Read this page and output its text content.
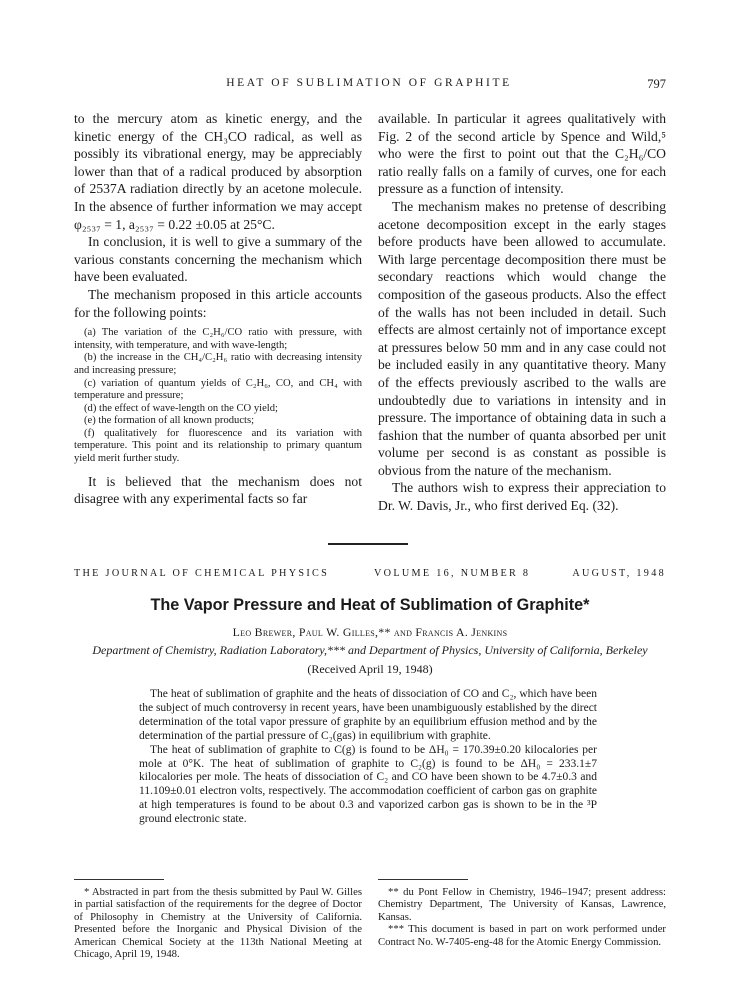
HEAT OF SUBLIMATION OF GRAPHITE	797

to the mercury atom as kinetic energy, and the kinetic energy of the CH₃CO radical, as well as possibly its vibrational energy, may be appreciably lower than that of a radical produced by absorption of 2537A radiation directly by an acetone molecule. In the absence of further information we may accept φ₂₅₃₇ = 1, a₂₅₃₇ = 0.22 ±0.05 at 25°C.

In conclusion, it is well to give a summary of the various constants concerning the mechanism which have been evaluated.

The mechanism proposed in this article accounts for the following points:

(a) The variation of the C₂H₆/CO ratio with pressure, with intensity, with temperature, and with wave-length;
(b) the increase in the CH₄/C₂H₆ ratio with decreasing intensity and increasing pressure;
(c) variation of quantum yields of C₂H₆, CO, and CH₄ with temperature and pressure;
(d) the effect of wave-length on the CO yield;
(e) the formation of all known products;
(f) qualitatively for fluorescence and its variation with temperature. This point and its relationship to primary quantum yield merit further study.

It is believed that the mechanism does not disagree with any experimental facts so far

available. In particular it agrees qualitatively with Fig. 2 of the second article by Spence and Wild,⁵ who were the first to point out that the C₂H₆/CO ratio really falls on a family of curves, one for each pressure as a function of intensity.

The mechanism makes no pretense of describing acetone decomposition except in the early stages before products have been allowed to accumulate. With large percentage decomposition there must be secondary reactions which would change the composition of the gaseous products. Also the effect of the walls has not been included in detail. Such effects are almost certainly not of importance except at pressures below 50 mm and in any case could not be included easily in any quantitative theory. Many of the effects previously ascribed to the walls are undoubtedly due to variations in intensity and in pressure. The importance of obtaining data in such a fashion that the number of quanta absorbed per unit volume per second is as constant as possible is obvious from the nature of the mechanism.

The authors wish to express their appreciation to Dr. W. Davis, Jr., who first derived Eq. (32).

THE JOURNAL OF CHEMICAL PHYSICS	VOLUME 16, NUMBER 8	AUGUST, 1948
The Vapor Pressure and Heat of Sublimation of Graphite*
Leo Brewer, Paul W. Gilles,** and Francis A. Jenkins
Department of Chemistry, Radiation Laboratory,*** and Department of Physics, University of California, Berkeley
(Received April 19, 1948)

The heat of sublimation of graphite and the heats of dissociation of CO and C₂, which have been the subject of much controversy in recent years, have been unambiguously established by the direct determination of the total vapor pressure of graphite by an equilibrium effusion method and by the determination of the partial pressure of C₂(gas) in equilibrium with graphite.

The heat of sublimation of graphite to C(g) is found to be ΔH₀ = 170.39±0.20 kilocalories per mole at 0°K. The heat of sublimation of graphite to C₂(g) is found to be ΔH₀ = 233.1±7 kilocalories per mole. The heats of dissociation of C₂ and CO have been shown to be 4.7±0.3 and 11.109±0.01 electron volts, respectively. The accommodation coefficient of carbon gas on graphite at high temperatures is found to be about 0.3 and vaporized carbon gas is shown to be in the ³P ground electronic state.

* Abstracted in part from the thesis submitted by Paul W. Gilles in partial satisfaction of the requirements for the degree of Doctor of Philosophy in Chemistry at the University of California. Presented before the Inorganic and Physical Division of the American Chemical Society at the 113th National Meeting at Chicago, April 19, 1948.

** du Pont Fellow in Chemistry, 1946–1947; present address: Chemistry Department, The University of Kansas, Lawrence, Kansas.

*** This document is based in part on work performed under Contract No. W-7405-eng-48 for the Atomic Energy Commission.
